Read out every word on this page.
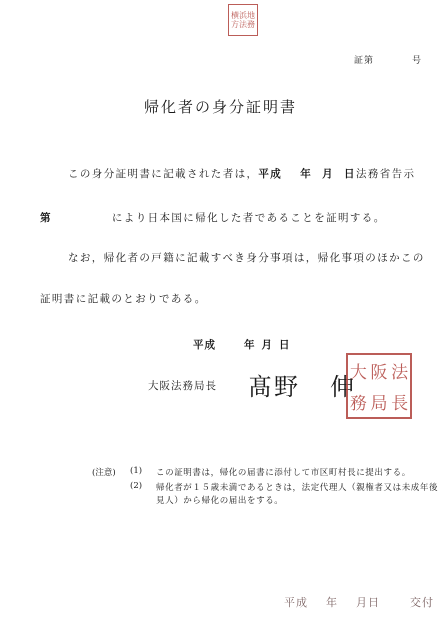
横 浜 地
方 法 務
証第	号
帰化者の身分証明書
この身分証明書に記載された者は，平成 年 月 日法務省告示
第	により日本国に帰化した者であることを証明する。
なお，帰化者の戸籍に記載すべき身分事項は，帰化事項のほかこの
証明書に記載のとおりである。
平成	年 月 日
大阪法務局長 髙野 伸
大 阪 法
務 局 長
(注意) (1) この証明書は，帰化の届書に添付して市区町村長に提出する。
(2) 帰化者が１５歳未満であるときは，法定代理人（親権者又は未成年後
見人）から帰化の届出をする。
平成 年 月日	交付
